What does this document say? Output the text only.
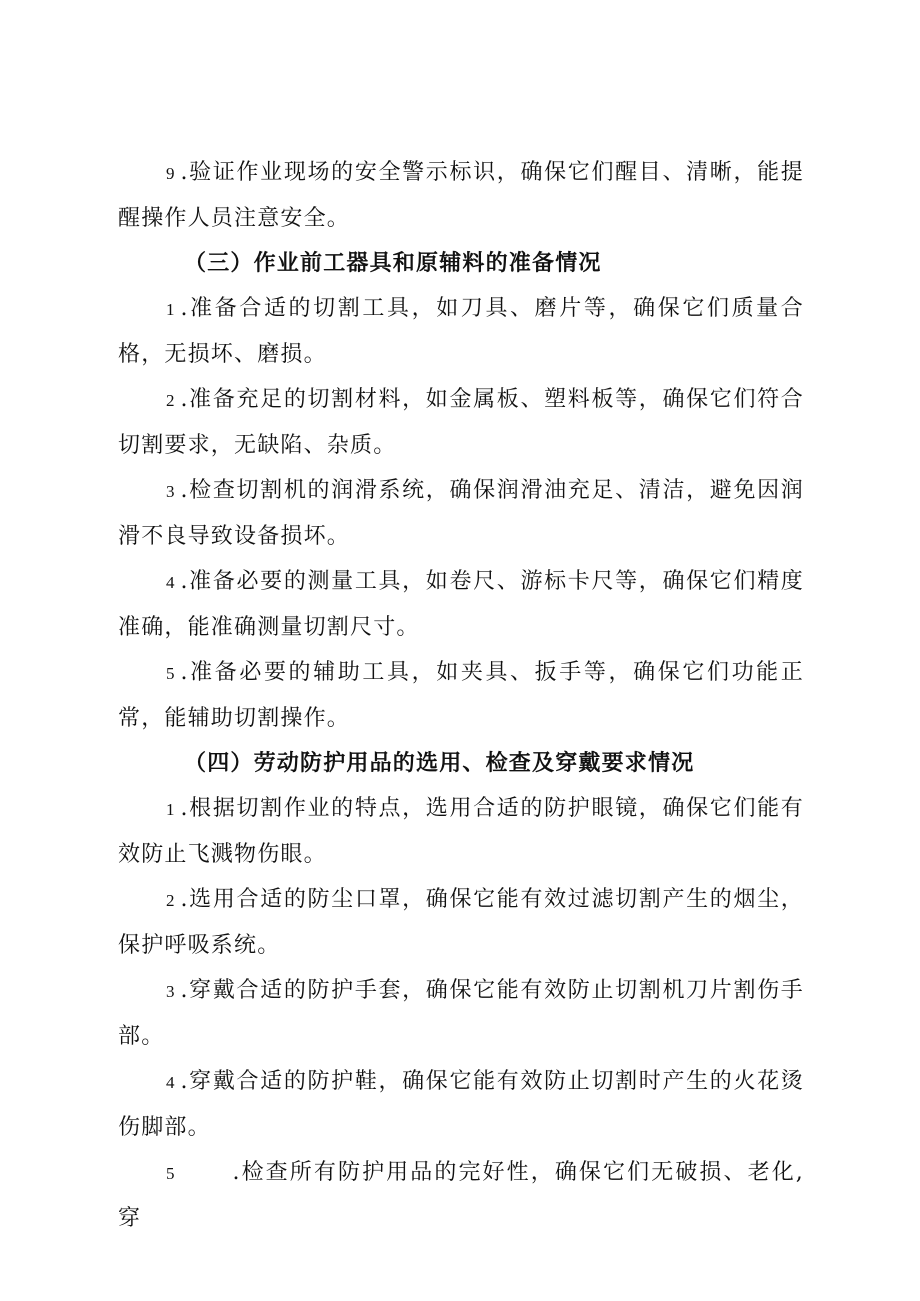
9 .验证作业现场的安全警示标识，确保它们醒目、清晰，能提醒操作人员注意安全。

（三）作业前工器具和原辅料的准备情况

1 .准备合适的切割工具，如刀具、磨片等，确保它们质量合格，无损坏、磨损。

2 .准备充足的切割材料，如金属板、塑料板等，确保它们符合切割要求，无缺陷、杂质。

3 .检查切割机的润滑系统，确保润滑油充足、清洁，避免因润滑不良导致设备损坏。

4 .准备必要的测量工具，如卷尺、游标卡尺等，确保它们精度准确，能准确测量切割尺寸。

5 .准备必要的辅助工具，如夹具、扳手等，确保它们功能正常，能辅助切割操作。

（四）劳动防护用品的选用、检查及穿戴要求情况

1 .根据切割作业的特点，选用合适的防护眼镜，确保它们能有效防止飞溅物伤眼。

2 .选用合适的防尘口罩，确保它能有效过滤切割产生的烟尘，保护呼吸系统。

3 .穿戴合适的防护手套，确保它能有效防止切割机刀片割伤手部。

4 .穿戴合适的防护鞋，确保它能有效防止切割时产生的火花烫伤脚部。

5	.检查所有防护用品的完好性，确保它们无破损、老化,穿
